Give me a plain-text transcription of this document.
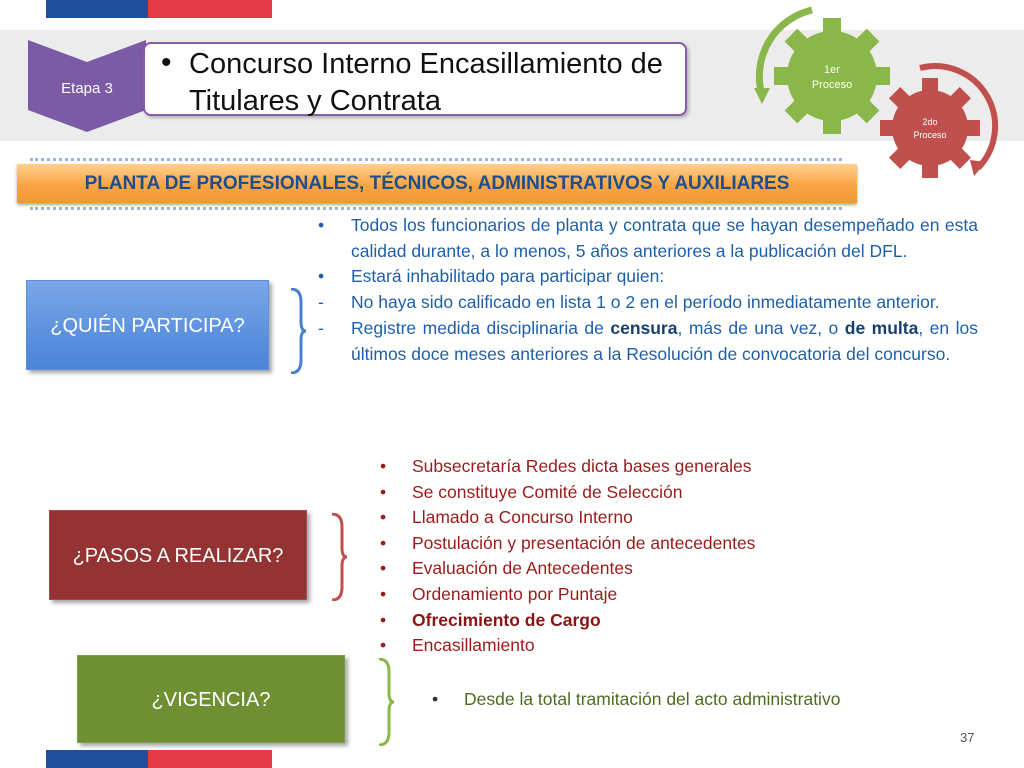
Etapa 3
• Concurso Interno Encasillamiento de Titulares y Contrata
1er
Proceso
2do
Proceso
PLANTA DE PROFESIONALES, TÉCNICOS, ADMINISTRATIVOS Y AUXILIARES
¿QUIÉN PARTICIPA?
• Todos los funcionarios de planta y contrata que se hayan desempeñado en esta calidad durante, a lo menos, 5 años anteriores a la publicación del DFL.
• Estará inhabilitado para participar quien:
- No haya sido calificado en lista 1 o 2 en el período inmediatamente anterior.
- Registre medida disciplinaria de censura, más de una vez, o de multa, en los últimos doce meses anteriores a la Resolución de convocatoria del concurso.
¿PASOS A REALIZAR?
• Subsecretaría Redes dicta bases generales
• Se constituye Comité de Selección
• Llamado a Concurso Interno
• Postulación y presentación de antecedentes
• Evaluación de Antecedentes
• Ordenamiento por Puntaje
• Ofrecimiento de Cargo
• Encasillamiento
¿VIGENCIA?	• Desde la total tramitación del acto administrativo
37
